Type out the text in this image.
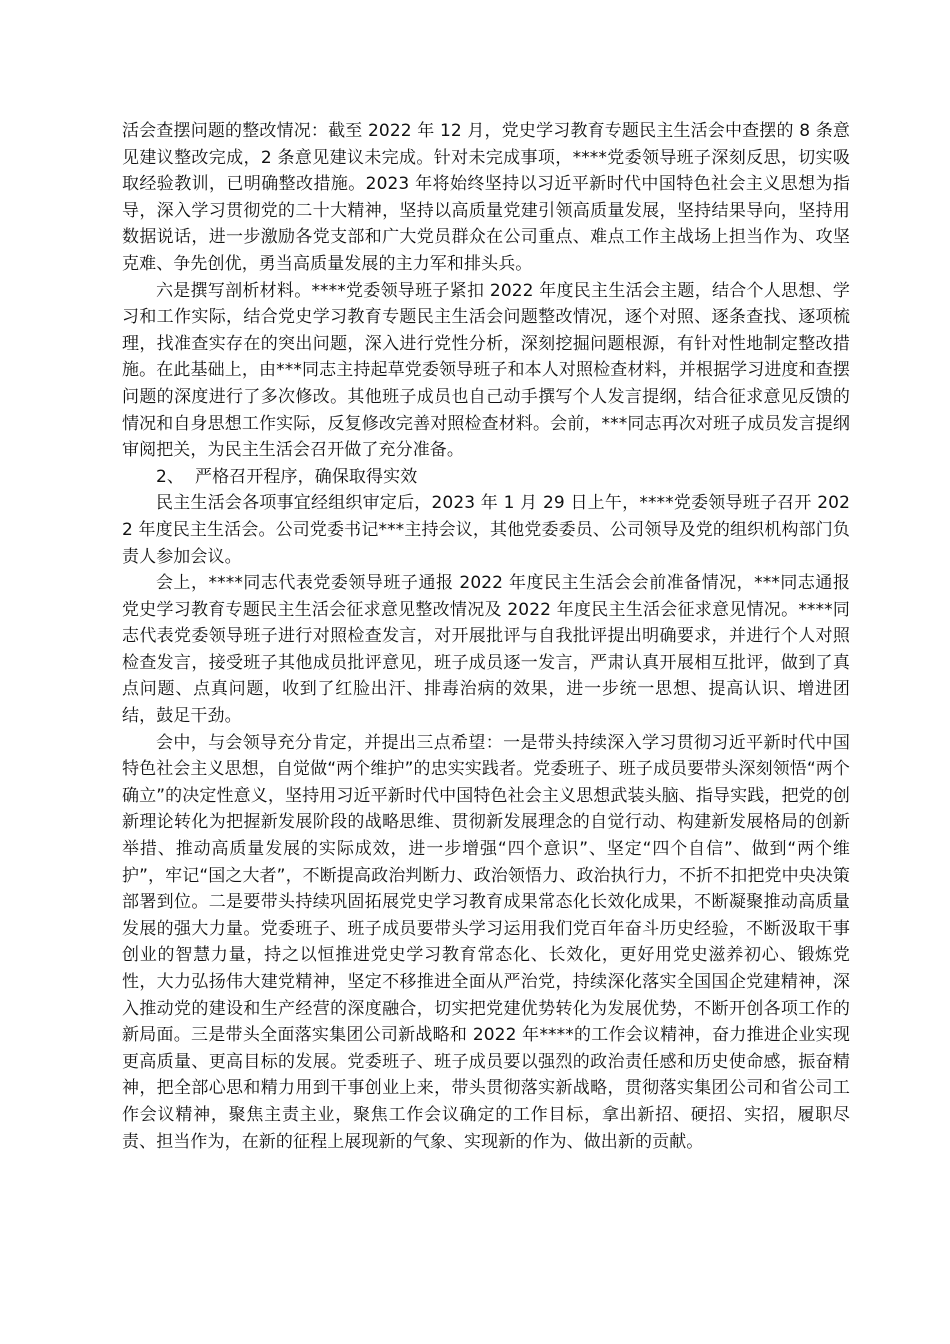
活会查摆问题的整改情况：截至 2022 年 12 月，党史学习教育专题民主生活会中查摆的 8 条意见建议整改完成，2 条意见建议未完成。针对未完成事项，****党委领导班子深刻反思，切实吸取经验教训，已明确整改措施。2023 年将始终坚持以习近平新时代中国特色社会主义思想为指导，深入学习贯彻党的二十大精神，坚持以高质量党建引领高质量发展，坚持结果导向，坚持用数据说话，进一步激励各党支部和广大党员群众在公司重点、难点工作主战场上担当作为、攻坚克难、争先创优，勇当高质量发展的主力军和排头兵。

六是撰写剖析材料。****党委领导班子紧扣 2022 年度民主生活会主题，结合个人思想、学习和工作实际，结合党史学习教育专题民主生活会问题整改情况，逐个对照、逐条查找、逐项梳理，找准查实存在的突出问题，深入进行党性分析，深刻挖掘问题根源，有针对性地制定整改措施。在此基础上，由***同志主持起草党委领导班子和本人对照检查材料，并根据学习进度和查摆问题的深度进行了多次修改。其他班子成员也自己动手撰写个人发言提纲，结合征求意见反馈的情况和自身思想工作实际，反复修改完善对照检查材料。会前，***同志再次对班子成员发言提纲审阅把关，为民主生活会召开做了充分准备。

2、  严格召开程序，确保取得实效

民主生活会各项事宜经组织审定后，2023 年 1 月 29 日上午，****党委领导班子召开 2022 年度民主生活会。公司党委书记***主持会议，其他党委委员、公司领导及党的组织机构部门负责人参加会议。

会上，****同志代表党委领导班子通报 2022 年度民主生活会会前准备情况，***同志通报党史学习教育专题民主生活会征求意见整改情况及 2022 年度民主生活会征求意见情况。****同志代表党委领导班子进行对照检查发言，对开展批评与自我批评提出明确要求，并进行个人对照检查发言，接受班子其他成员批评意见，班子成员逐一发言，严肃认真开展相互批评，做到了真点问题、点真问题，收到了红脸出汗、排毒治病的效果，进一步统一思想、提高认识、增进团结，鼓足干劲。

会中，与会领导充分肯定，并提出三点希望：一是带头持续深入学习贯彻习近平新时代中国特色社会主义思想，自觉做“两个维护”的忠实实践者。党委班子、班子成员要带头深刻领悟“两个确立”的决定性意义，坚持用习近平新时代中国特色社会主义思想武装头脑、指导实践，把党的创新理论转化为把握新发展阶段的战略思维、贯彻新发展理念的自觉行动、构建新发展格局的创新举措、推动高质量发展的实际成效，进一步增强“四个意识”、坚定“四个自信”、做到“两个维护”，牢记“国之大者”，不断提高政治判断力、政治领悟力、政治执行力，不折不扣把党中央决策部署到位。二是要带头持续巩固拓展党史学习教育成果常态化长效化成果，不断凝聚推动高质量发展的强大力量。党委班子、班子成员要带头学习运用我们党百年奋斗历史经验，不断汲取干事创业的智慧力量，持之以恒推进党史学习教育常态化、长效化，更好用党史滋养初心、锻炼党性，大力弘扬伟大建党精神，坚定不移推进全面从严治党，持续深化落实全国国企党建精神，深入推动党的建设和生产经营的深度融合，切实把党建优势转化为发展优势，不断开创各项工作的新局面。三是带头全面落实集团公司新战略和 2022 年****的工作会议精神，奋力推进企业实现更高质量、更高目标的发展。党委班子、班子成员要以强烈的政治责任感和历史使命感，振奋精神，把全部心思和精力用到干事创业上来，带头贯彻落实新战略，贯彻落实集团公司和省公司工作会议精神，聚焦主责主业，聚焦工作会议确定的工作目标，拿出新招、硬招、实招，履职尽责、担当作为，在新的征程上展现新的气象、实现新的作为、做出新的贡献。
